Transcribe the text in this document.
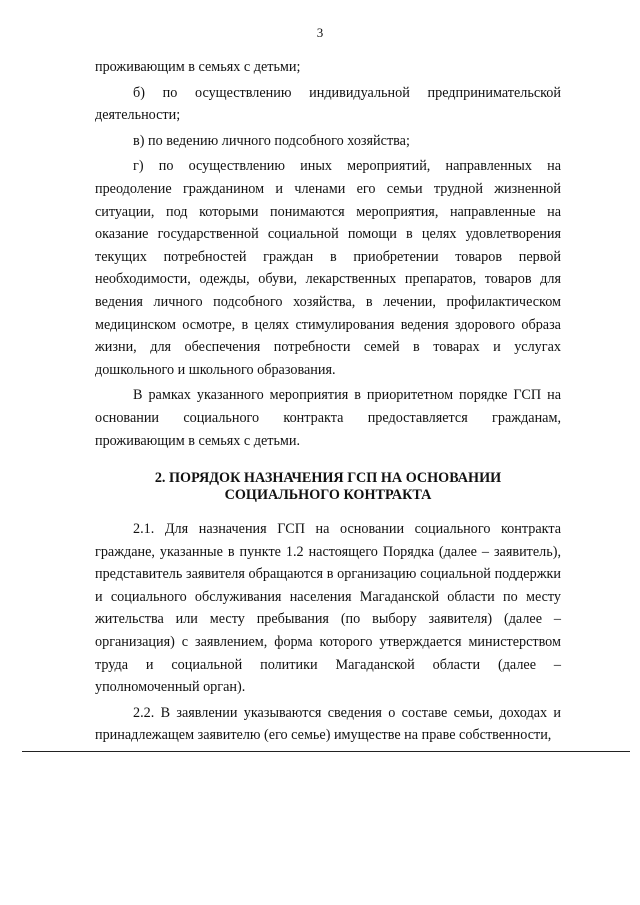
3

проживающим в семьях с детьми;

б) по осуществлению индивидуальной предпринимательской деятельности;

в) по ведению личного подсобного хозяйства;

г) по осуществлению иных мероприятий, направленных на преодоление гражданином и членами его семьи трудной жизненной ситуации, под которыми понимаются мероприятия, направленные на оказание государственной социальной помощи в целях удовлетворения текущих потребностей граждан в приобретении товаров первой необходимости, одежды, обуви, лекарственных препаратов, товаров для ведения личного подсобного хозяйства, в лечении, профилактическом медицинском осмотре, в целях стимулирования ведения здорового образа жизни, для обеспечения потребности семей в товарах и услугах дошкольного и школьного образования.

В рамках указанного мероприятия в приоритетном порядке ГСП на основании социального контракта предоставляется гражданам, проживающим в семьях с детьми.

2. ПОРЯДОК НАЗНАЧЕНИЯ ГСП НА ОСНОВАНИИ
СОЦИАЛЬНОГО КОНТРАКТА

2.1. Для назначения ГСП на основании социального контракта граждане, указанные в пункте 1.2 настоящего Порядка (далее – заявитель), представитель заявителя обращаются в организацию социальной поддержки и социального обслуживания населения Магаданской области по месту жительства или месту пребывания (по выбору заявителя) (далее – организация) с заявлением, форма которого утверждается министерством труда и социальной политики Магаданской области (далее – уполномоченный орган).

2.2. В заявлении указываются сведения о составе семьи, доходах и принадлежащем заявителю (его семье) имуществе на праве собственности,
